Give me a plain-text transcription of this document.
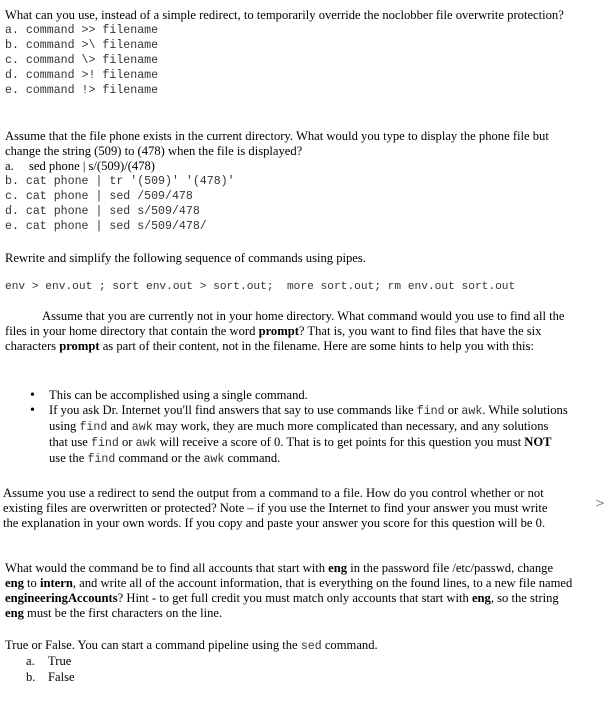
What can you use, instead of a simple redirect, to temporarily override the noclobber file overwrite protection?

a. command >> filename
b. command >\ filename
c. command \> filename
d. command >! filename
e. command !> filename

Assume that the file phone exists in the current directory. What would you type to display the phone file but change the string (509) to (478) when the file is displayed?

a. sed phone | s/(509)/(478)
b. cat phone | tr '(509)' '(478)'
c. cat phone | sed /509/478
d. cat phone | sed s/509/478
e. cat phone | sed s/509/478/

Rewrite and simplify the following sequence of commands using pipes.

env > env.out ; sort env.out > sort.out;  more sort.out; rm env.out sort.out

Assume that you are currently not in your home directory. What command would you use to find all the files in your home directory that contain the word prompt? That is, you want to find files that have the six characters prompt as part of their content, not in the filename. Here are some hints to help you with this:

• This can be accomplished using a single command.
• If you ask Dr. Internet you'll find answers that say to use commands like find or awk. While solutions using find and awk may work, they are much more complicated than necessary, and any solutions that use find or awk will receive a score of 0. That is to get points for this question you must NOT use the find command or the awk command.

Assume you use a redirect to send the output from a command to a file. How do you control whether or not existing files are overwritten or protected? Note – if you use the Internet to find your answer you must write the explanation in your own words. If you copy and paste your answer you score for this question will be 0.

>

What would the command be to find all accounts that start with eng in the password file /etc/passwd, change eng to intern, and write all of the account information, that is everything on the found lines, to a new file named engineeringAccounts? Hint - to get full credit you must match only accounts that start with eng, so the string eng must be the first characters on the line.

True or False. You can start a command pipeline using the sed command.

a. True
b. False
